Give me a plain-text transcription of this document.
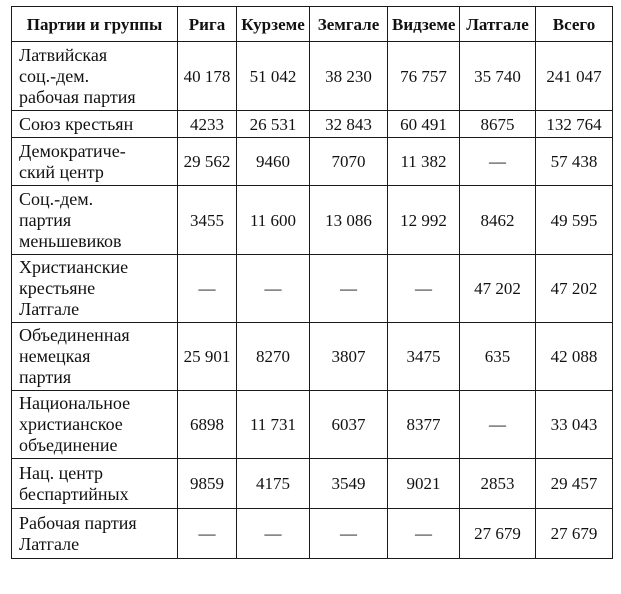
Партии и группы	Рига	Курземе	Земгале	Видземе	Латгале	Всего
Латвийская
соц.-дем.
рабочая партия	40 178	51 042	38 230	76 757	35 740	241 047
Союз крестьян	4233	26 531	32 843	60 491	8675	132 764
Демократиче-
ский центр	29 562	9460	7070	11 382	—	57 438
Соц.-дем.
партия
меньшевиков	3455	11 600	13 086	12 992	8462	49 595
Христианские
крестьяне
Латгале	—	—	—	—	47 202	47 202
Объединенная
немецкая
партия	25 901	8270	3807	3475	635	42 088
Национальное
христианское
объединение	6898	11 731	6037	8377	—	33 043
Нац. центр
беспартийных	9859	4175	3549	9021	2853	29 457
Рабочая партия
Латгале	—	—	—	—	27 679	27 679
